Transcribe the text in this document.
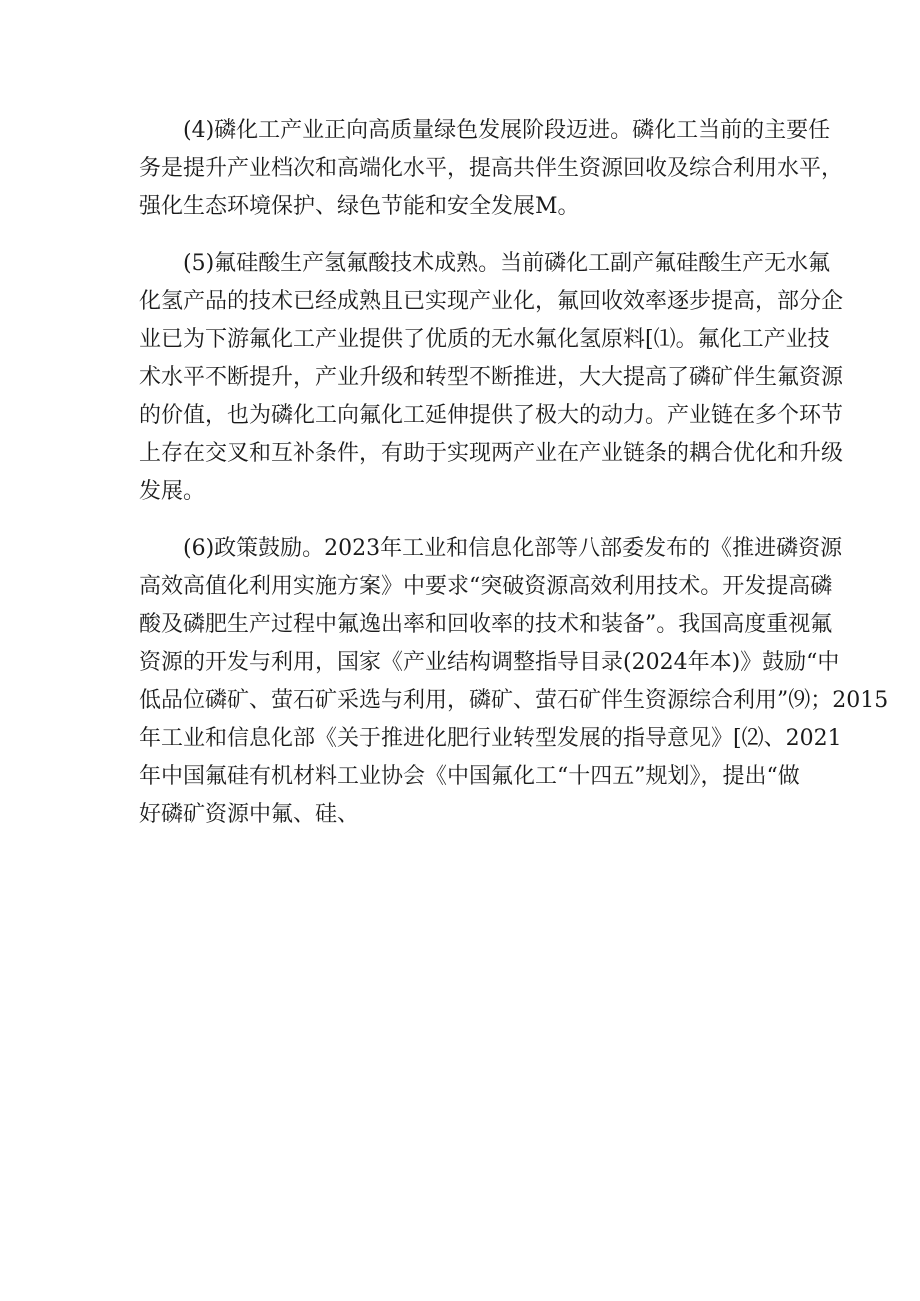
(4)磷化工产业正向高质量绿色发展阶段迈进。磷化工当前的主要任
务是提升产业档次和高端化水平，提高共伴生资源回收及综合利用水平，
强化生态环境保护、绿色节能和安全发展M。
(5)氟硅酸生产氢氟酸技术成熟。当前磷化工副产氟硅酸生产无水氟
化氢产品的技术已经成熟且已实现产业化，氟回收效率逐步提高，部分企
业已为下游氟化工产业提供了优质的无水氟化氢原料[⑴。氟化工产业技
术水平不断提升，产业升级和转型不断推进，大大提高了磷矿伴生氟资源
的价值，也为磷化工向氟化工延伸提供了极大的动力。产业链在多个环节
上存在交叉和互补条件，有助于实现两产业在产业链条的耦合优化和升级
发展。
(6)政策鼓励。2023年工业和信息化部等八部委发布的《推进磷资源
高效高值化利用实施方案》中要求“突破资源高效利用技术。开发提高磷
酸及磷肥生产过程中氟逸出率和回收率的技术和装备”。我国高度重视氟
资源的开发与利用，国家《产业结构调整指导目录(2024年本)》鼓励“中
低品位磷矿、萤石矿采选与利用，磷矿、萤石矿伴生资源综合利用”⑼；2015
年工业和信息化部《关于推进化肥行业转型发展的指导意见》[⑵、2021
年中国氟硅有机材料工业协会《中国氟化工“十四五”规划》，提出“做
好磷矿资源中氟、硅、
